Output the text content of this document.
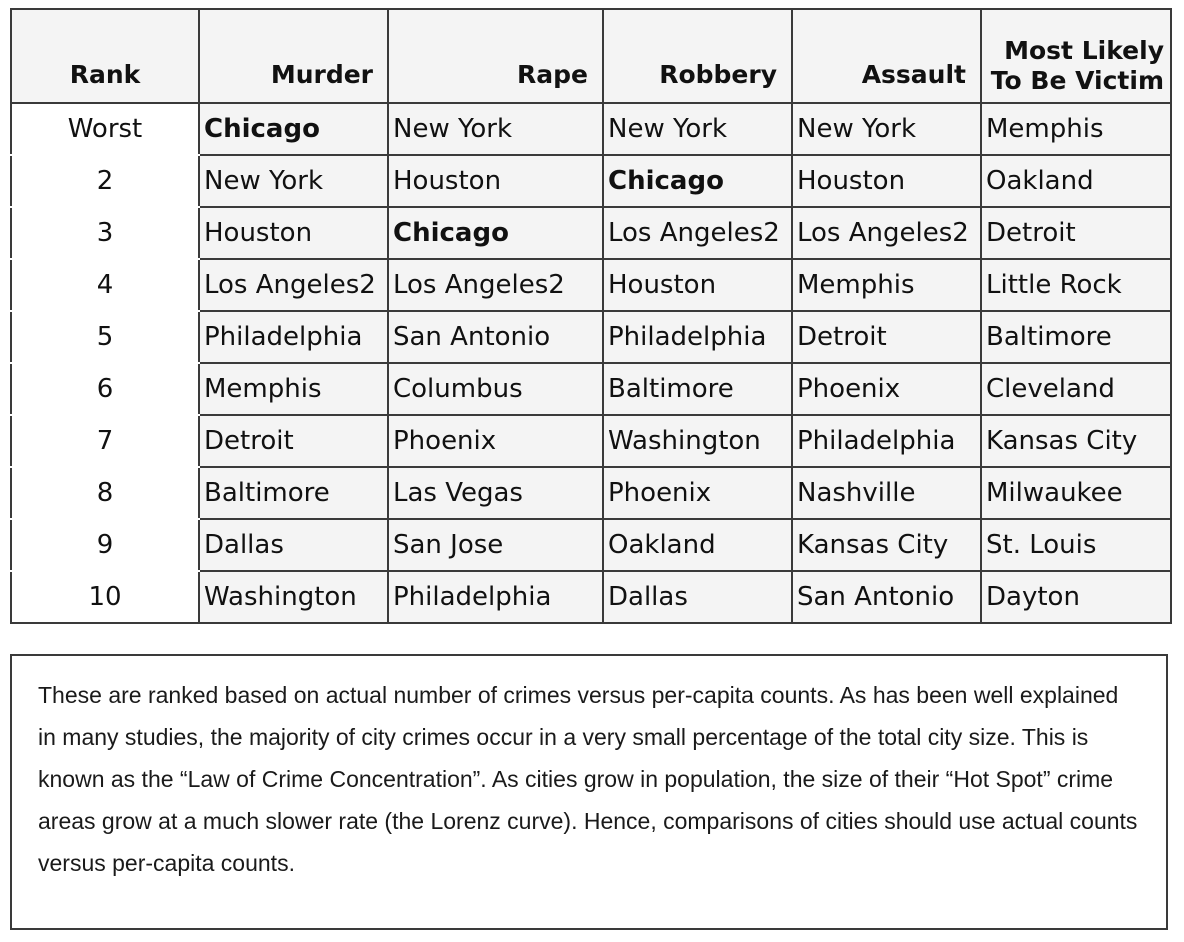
Rank	Murder	Rape	Robbery	Assault	Most Likely
To Be Victim
Worst	Chicago	New York	New York	New York	Memphis
2	New York	Houston	Chicago	Houston	Oakland
3	Houston	Chicago	Los Angeles2	Los Angeles2	Detroit
4	Los Angeles2	Los Angeles2	Houston	Memphis	Little Rock
5	Philadelphia	San Antonio	Philadelphia	Detroit	Baltimore
6	Memphis	Columbus	Baltimore	Phoenix	Cleveland
7	Detroit	Phoenix	Washington	Philadelphia	Kansas City
8	Baltimore	Las Vegas	Phoenix	Nashville	Milwaukee
9	Dallas	San Jose	Oakland	Kansas City	St. Louis
10	Washington	Philadelphia	Dallas	San Antonio	Dayton
These are ranked based on actual number of crimes versus per-capita counts. As has been well explained in many studies, the majority of city crimes occur in a very small percentage of the total city size. This is known as the “Law of Crime Concentration”. As cities grow in population, the size of their “Hot Spot” crime areas grow at a much slower rate (the Lorenz curve). Hence, comparisons of cities should use actual counts versus per-capita counts.
